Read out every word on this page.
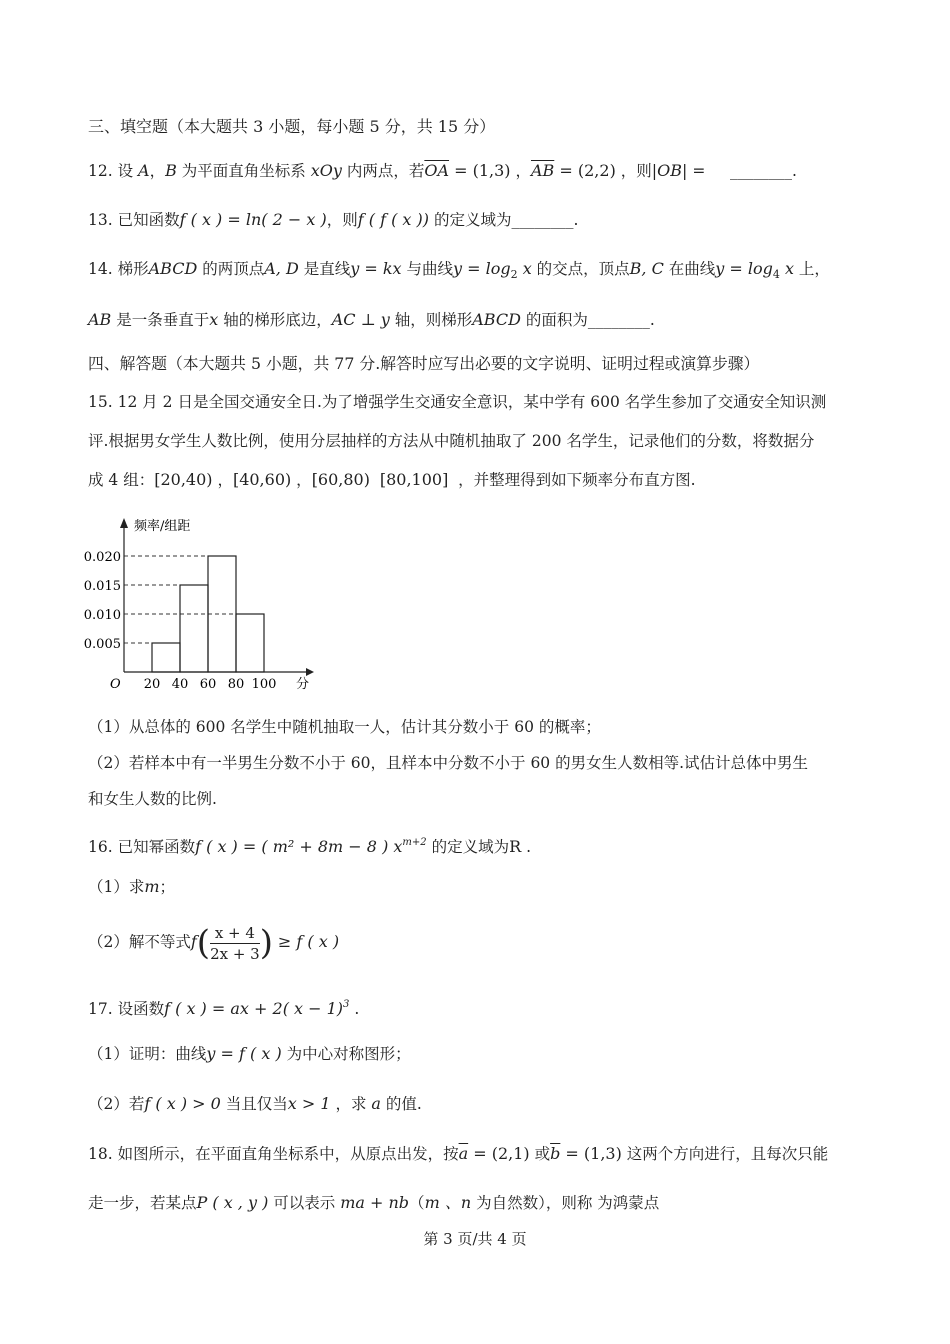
三、填空题（本大题共 3 小题，每小题 5 分，共 15 分）
12. 设 A，B 为平面直角坐标系 xOy 内两点，若$\overline{OA} = (1,3)$ ，$\overline{AB} = (2,2)$ ，则|OB| =     ________.
13. 已知函数f ( x ) = ln( 2 − x )，则f ( f ( x )) 的定义域为________.
14. 梯形ABCD 的两顶点A, D 是直线y = kx 与曲线$y = \log_2 x$ 的交点，顶点B, C 在曲线$y = \log_4 x$ 上，
AB 是一条垂直于x 轴的梯形底边，AC ⊥ y 轴，则梯形ABCD 的面积为________.
四、解答题（本大题共 5 小题，共 77 分.解答时应写出必要的文字说明、证明过程或演算步骤）
15. 12 月 2 日是全国交通安全日.为了增强学生交通安全意识，某中学有 600 名学生参加了交通安全知识测
评.根据男女学生人数比例，使用分层抽样的方法从中随机抽取了 200 名学生，记录他们的分数，将数据分
成 4 组：[20,40) ，[40,60) ，[60,80) [80,100] ，并整理得到如下频率分布直方图.
频率/组距
分
O
0.005
0.010
0.015
0.020
20 40 60 80 100
（1）从总体的 600 名学生中随机抽取一人，估计其分数小于 60 的概率；
（2）若样本中有一半男生分数不小于 60，且样本中分数不小于 60 的男女生人数相等.试估计总体中男生
和女生人数的比例.
16. 已知幂函数f ( x ) = ( m² + 8m − 8 ) $x^{m+2}$ 的定义域为R .
（1）求m；
（2）解不等式$f( \frac{x + 4}{2x + 3}$ ) ≥ f ( x )
17. 设函数f ( x ) = ax + 2( x − 1)$^3$ .
（1）证明：曲线y = f ( x ) 为中心对称图形；
（2）若f ( x ) > 0 当且仅当x > 1 ，求 a 的值.
18. 如图所示，在平面直角坐标系中，从原点出发，按$\overline{a} = (2,1)$ 或$\overline{b} = (1,3)$ 这两个方向进行，且每次只能
走一步，若某点P ( x , y ) 可以表示 ma + nb（m 、n 为自然数），则称 为鸿蒙点
第 3 页/共 4 页
